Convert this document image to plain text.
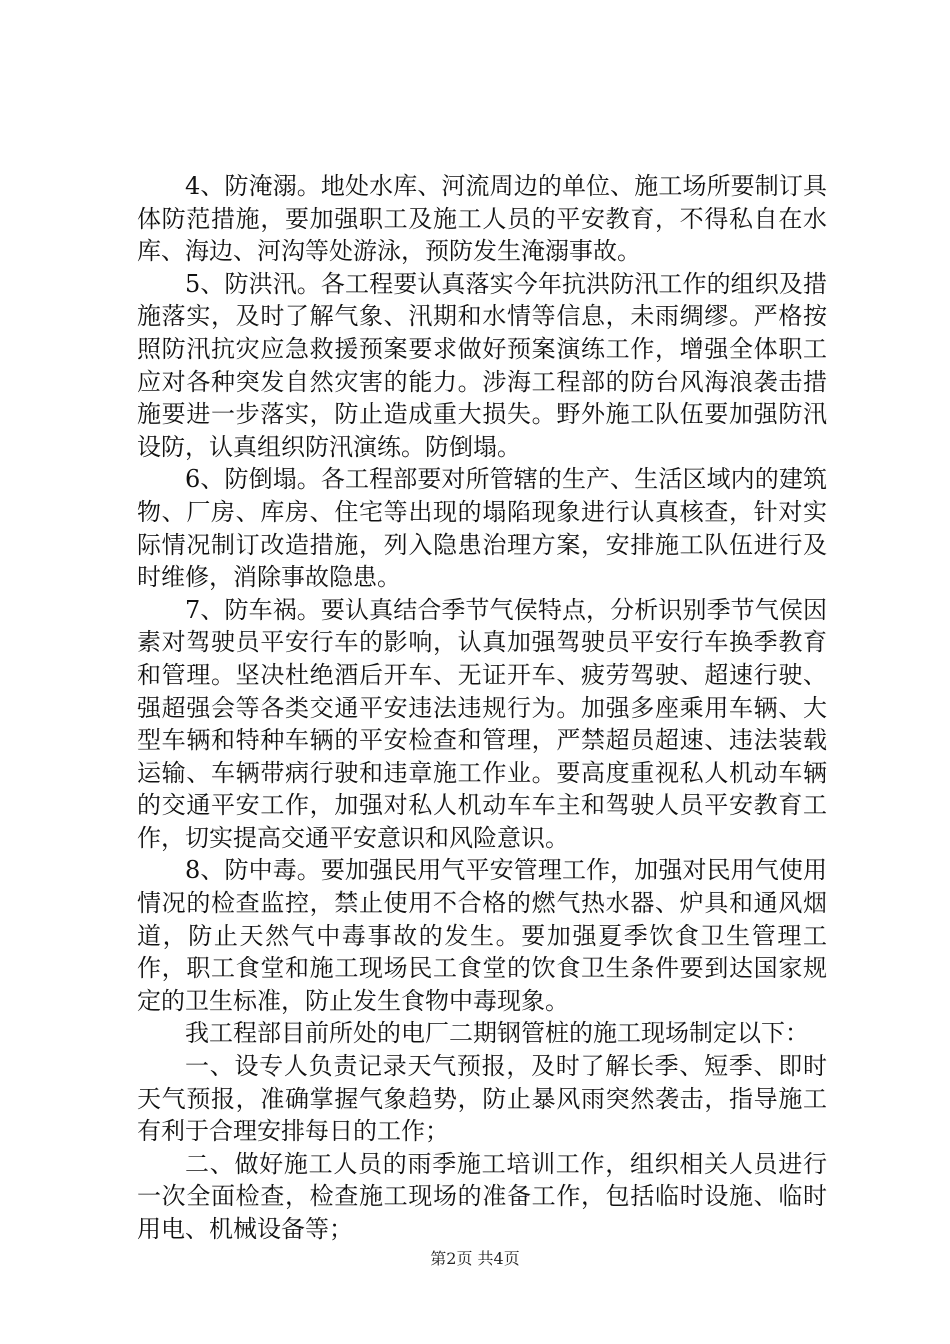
4、防淹溺。地处水库、河流周边的单位、施工场所要制订具体防范措施，要加强职工及施工人员的平安教育，不得私自在水库、海边、河沟等处游泳，预防发生淹溺事故。

5、防洪汛。各工程要认真落实今年抗洪防汛工作的组织及措施落实，及时了解气象、汛期和水情等信息，未雨绸缪。严格按照防汛抗灾应急救援预案要求做好预案演练工作，增强全体职工应对各种突发自然灾害的能力。涉海工程部的防台风海浪袭击措施要进一步落实，防止造成重大损失。野外施工队伍要加强防汛设防，认真组织防汛演练。防倒塌。

6、防倒塌。各工程部要对所管辖的生产、生活区域内的建筑物、厂房、库房、住宅等出现的塌陷现象进行认真核查，针对实际情况制订改造措施，列入隐患治理方案，安排施工队伍进行及时维修，消除事故隐患。

7、防车祸。要认真结合季节气侯特点，分析识别季节气侯因素对驾驶员平安行车的影响，认真加强驾驶员平安行车换季教育和管理。坚决杜绝酒后开车、无证开车、疲劳驾驶、超速行驶、强超强会等各类交通平安违法违规行为。加强多座乘用车辆、大型车辆和特种车辆的平安检查和管理，严禁超员超速、违法装载运输、车辆带病行驶和违章施工作业。要高度重视私人机动车辆的交通平安工作，加强对私人机动车车主和驾驶人员平安教育工作，切实提高交通平安意识和风险意识。

8、防中毒。要加强民用气平安管理工作，加强对民用气使用情况的检查监控，禁止使用不合格的燃气热水器、炉具和通风烟道，防止天然气中毒事故的发生。要加强夏季饮食卫生管理工作，职工食堂和施工现场民工食堂的饮食卫生条件要到达国家规定的卫生标准，防止发生食物中毒现象。

我工程部目前所处的电厂二期钢管桩的施工现场制定以下：

一、设专人负责记录天气预报，及时了解长季、短季、即时天气预报，准确掌握气象趋势，防止暴风雨突然袭击，指导施工有利于合理安排每日的工作；

二、做好施工人员的雨季施工培训工作，组织相关人员进行一次全面检查，检查施工现场的准备工作，包括临时设施、临时用电、机械设备等；

第2页 共4页
